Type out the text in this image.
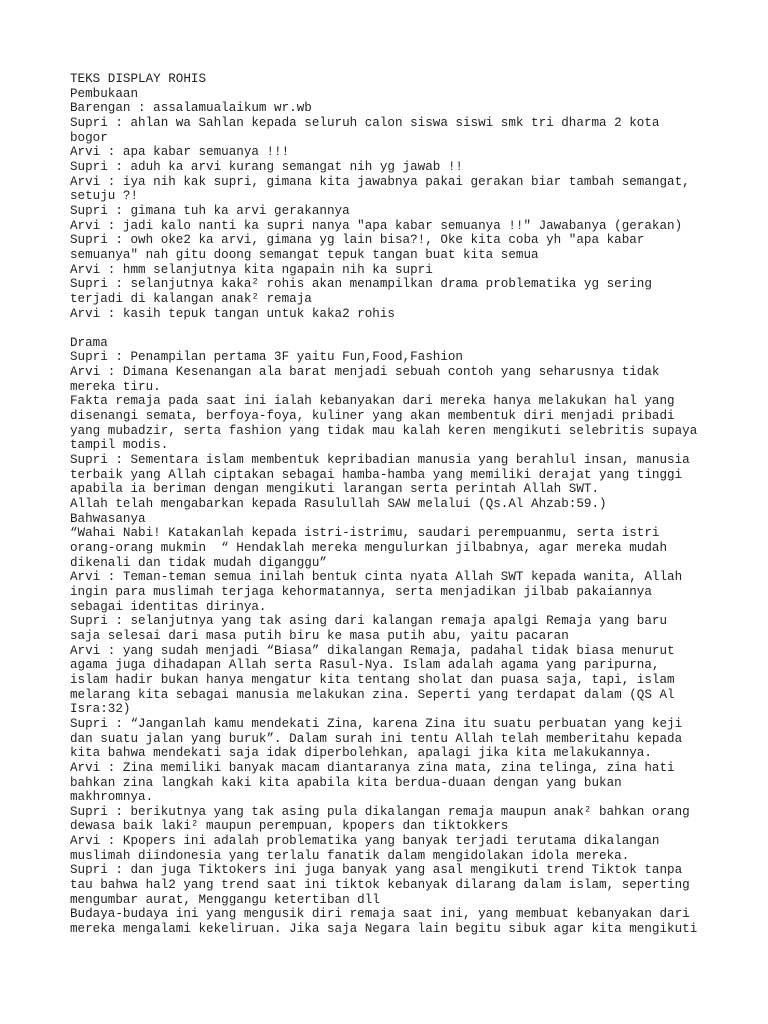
TEKS DISPLAY ROHIS
Pembukaan
Barengan : assalamualaikum wr.wb
Supri : ahlan wa Sahlan kepada seluruh calon siswa siswi smk tri dharma 2 kota
bogor
Arvi : apa kabar semuanya !!!
Supri : aduh ka arvi kurang semangat nih yg jawab !!
Arvi : iya nih kak supri, gimana kita jawabnya pakai gerakan biar tambah semangat,
setuju ?!
Supri : gimana tuh ka arvi gerakannya
Arvi : jadi kalo nanti ka supri nanya "apa kabar semuanya !!" Jawabanya (gerakan)
Supri : owh oke2 ka arvi, gimana yg lain bisa?!, Oke kita coba yh "apa kabar
semuanya" nah gitu doong semangat tepuk tangan buat kita semua
Arvi : hmm selanjutnya kita ngapain nih ka supri
Supri : selanjutnya kaka² rohis akan menampilkan drama problematika yg sering
terjadi di kalangan anak² remaja
Arvi : kasih tepuk tangan untuk kaka2 rohis
Drama
Supri : Penampilan pertama 3F yaitu Fun,Food,Fashion
Arvi : Dimana Kesenangan ala barat menjadi sebuah contoh yang seharusnya tidak
mereka tiru.
Fakta remaja pada saat ini ialah kebanyakan dari mereka hanya melakukan hal yang
disenangi semata, berfoya-foya, kuliner yang akan membentuk diri menjadi pribadi
yang mubadzir, serta fashion yang tidak mau kalah keren mengikuti selebritis supaya
tampil modis.
Supri : Sementara islam membentuk kepribadian manusia yang berahlul insan, manusia
terbaik yang Allah ciptakan sebagai hamba-hamba yang memiliki derajat yang tinggi
apabila ia beriman dengan mengikuti larangan serta perintah Allah SWT.
Allah telah mengabarkan kepada Rasulullah SAW melalui (Qs.Al Ahzab:59.)
Bahwasanya
“Wahai Nabi! Katakanlah kepada istri-istrimu, saudari perempuanmu, serta istri
orang-orang mukmin  “ Hendaklah mereka mengulurkan jilbabnya, agar mereka mudah
dikenali dan tidak mudah diganggu”
Arvi : Teman-teman semua inilah bentuk cinta nyata Allah SWT kepada wanita, Allah
ingin para muslimah terjaga kehormatannya, serta menjadikan jilbab pakaiannya
sebagai identitas dirinya.
Supri : selanjutnya yang tak asing dari kalangan remaja apalgi Remaja yang baru
saja selesai dari masa putih biru ke masa putih abu, yaitu pacaran
Arvi : yang sudah menjadi “Biasa” dikalangan Remaja, padahal tidak biasa menurut
agama juga dihadapan Allah serta Rasul-Nya. Islam adalah agama yang paripurna,
islam hadir bukan hanya mengatur kita tentang sholat dan puasa saja, tapi, islam
melarang kita sebagai manusia melakukan zina. Seperti yang terdapat dalam (QS Al
Isra:32)
Supri : “Janganlah kamu mendekati Zina, karena Zina itu suatu perbuatan yang keji
dan suatu jalan yang buruk”. Dalam surah ini tentu Allah telah memberitahu kepada
kita bahwa mendekati saja idak diperbolehkan, apalagi jika kita melakukannya.
Arvi : Zina memiliki banyak macam diantaranya zina mata, zina telinga, zina hati
bahkan zina langkah kaki kita apabila kita berdua-duaan dengan yang bukan
makhromnya.
Supri : berikutnya yang tak asing pula dikalangan remaja maupun anak² bahkan orang
dewasa baik laki² maupun perempuan, kpopers dan tiktokkers
Arvi : Kpopers ini adalah problematika yang banyak terjadi terutama dikalangan
muslimah diindonesia yang terlalu fanatik dalam mengidolakan idola mereka.
Supri : dan juga Tiktokers ini juga banyak yang asal mengikuti trend Tiktok tanpa
tau bahwa hal2 yang trend saat ini tiktok kebanyak dilarang dalam islam, seperting
mengumbar aurat, Menggangu ketertiban dll
Budaya-budaya ini yang mengusik diri remaja saat ini, yang membuat kebanyakan dari
mereka mengalami kekeliruan. Jika saja Negara lain begitu sibuk agar kita mengikuti
